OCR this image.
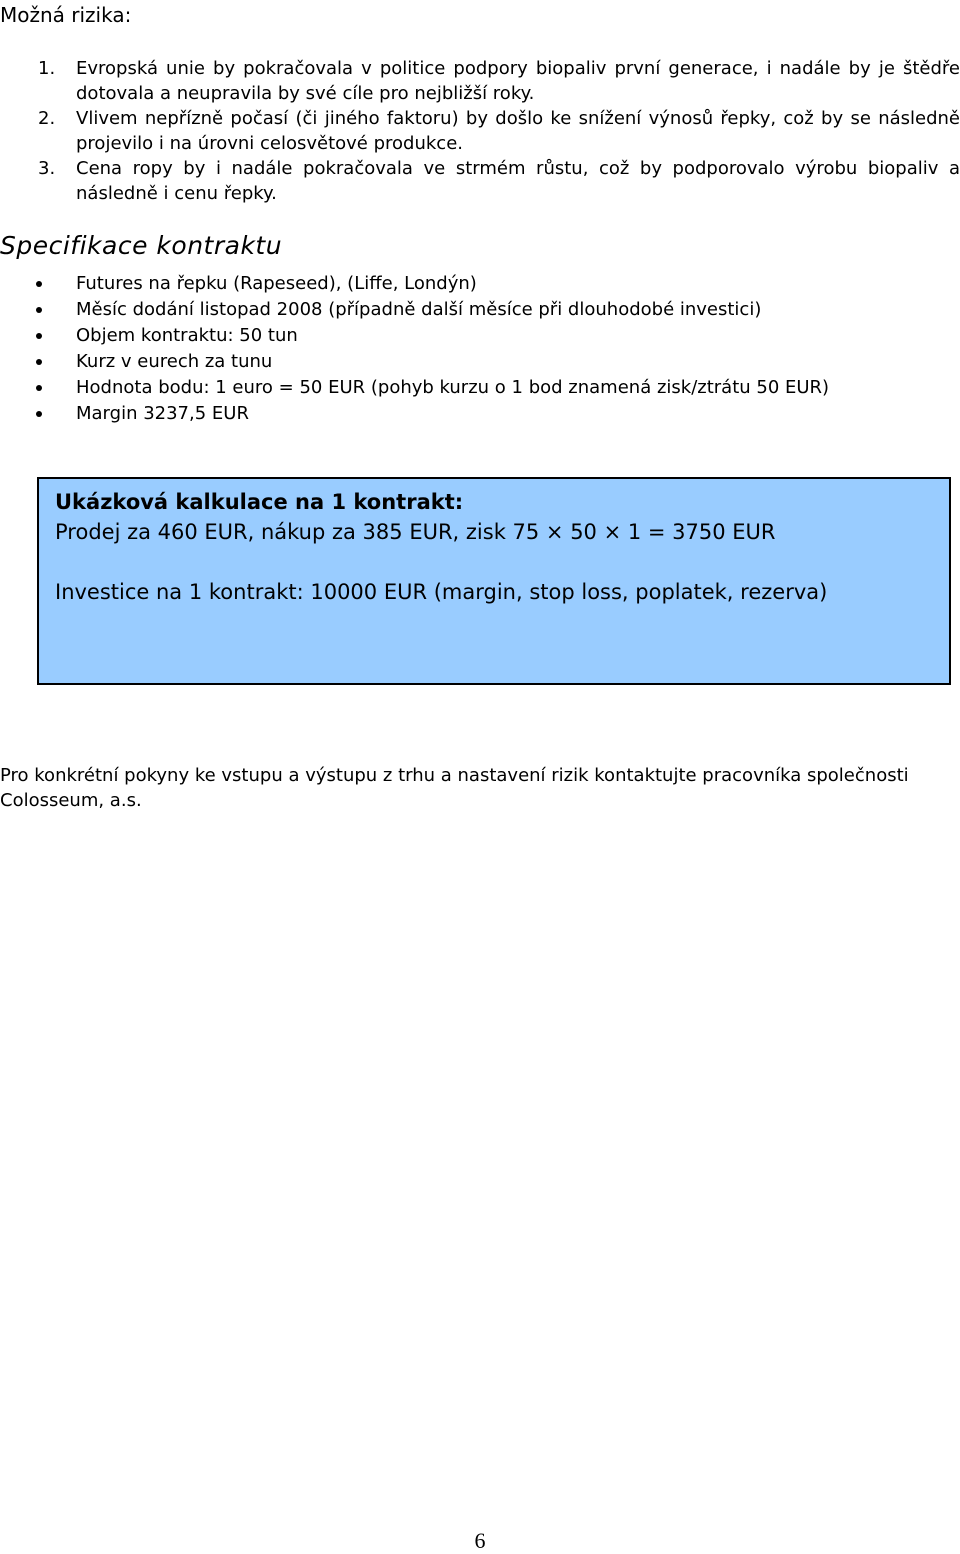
Možná rizika:
1. Evropská unie by pokračovala v politice podpory biopaliv první generace, i nadále by je štědře dotovala a neupravila by své cíle pro nejbližší roky.
2. Vlivem nepřízně počasí (či jiného faktoru) by došlo ke snížení výnosů řepky, což by se následně projevilo i na úrovni celosvětové produkce.
3. Cena ropy by i nadále pokračovala ve strmém růstu, což by podporovalo výrobu biopaliv a následně i cenu řepky.
Specifikace kontraktu
Futures na řepku (Rapeseed), (Liffe, Londýn)
Měsíc dodání listopad 2008 (případně další měsíce při dlouhodobé investici)
Objem kontraktu: 50 tun
Kurz v eurech za tunu
Hodnota bodu: 1 euro = 50 EUR (pohyb kurzu o 1 bod znamená zisk/ztrátu 50 EUR)
Margin 3237,5 EUR

Ukázková kalkulace na 1 kontrakt:

Prodej za 460 EUR, nákup za 385 EUR, zisk 75 × 50 × 1 = 3750 EUR

Investice na 1 kontrakt: 10000 EUR (margin, stop loss, poplatek, rezerva)

Pro konkrétní pokyny ke vstupu a výstupu z trhu a nastavení rizik kontaktujte pracovníka společnosti Colosseum, a.s.

6
